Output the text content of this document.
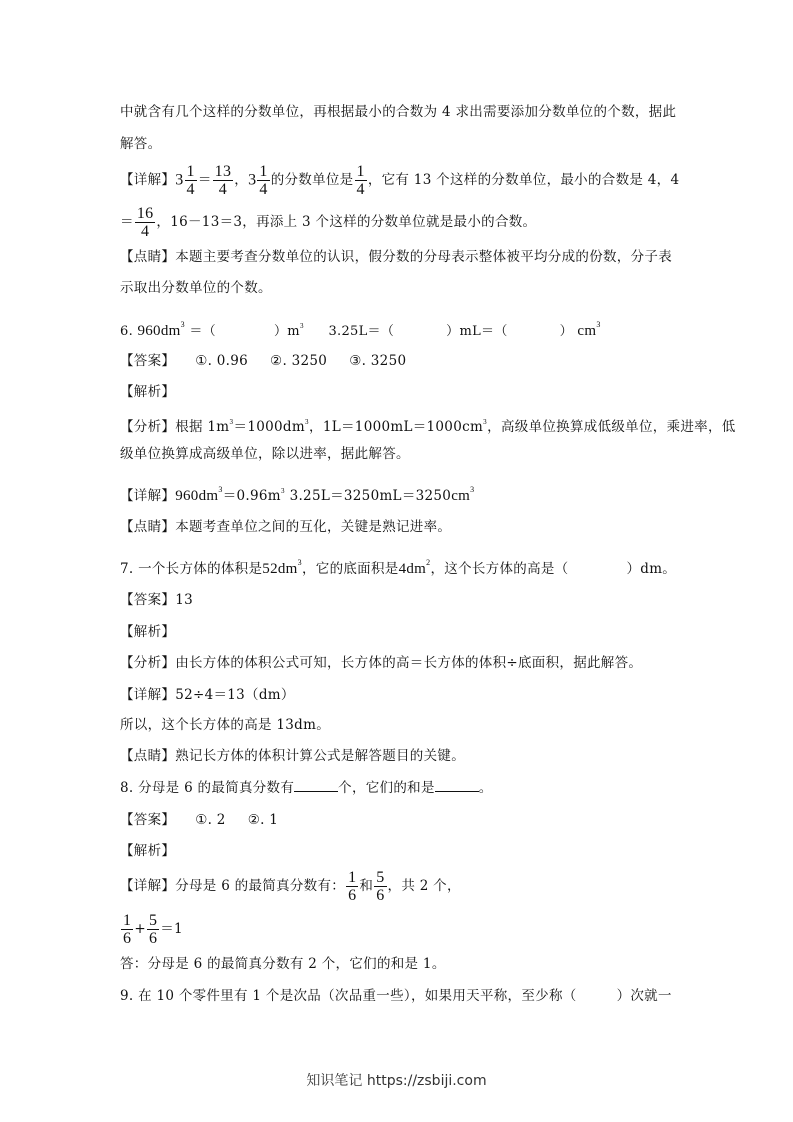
中就含有几个这样的分数单位，再根据最小的合数为 4 求出需要添加分数单位的个数，据此
解答。
【详解】$3 \frac{1}{4} = \frac{13}{4}$ ，$3 \frac{1}{4}$ 的分数单位是 $\frac{1}{4}$ ，它有 13 个这样的分数单位，最小的合数是 4，4
＝ $\frac{16}{4}$ ，16－13＝3，再添上 3 个这样的分数单位就是最小的合数。
【点睛】本题主要考查分数单位的认识，假分数的分母表示整体被平均分成的份数，分子表
示取出分数单位的个数。
6. $960dm^3$ ＝（	）$m^3$ 3.25L＝（	）mL＝（	） $cm^3$
【答案】 ①. 0.96 ②. 3250 ③. 3250
【解析】
【分析】根据 $1m^3=1000dm^3$，$1L=1000mL=1000cm^3$，高级单位换算成低级单位，乘进率，低
级单位换算成高级单位，除以进率，据此解答。
【详解】$960dm^3=0.96m^3$ $3.25L=3250mL=3250cm^3$
【点睛】本题考查单位之间的互化，关键是熟记进率。
7. 一个长方体的体积是$52dm^3$，它的底面积是$4dm^2$，这个长方体的高是（	）dm。
【答案】13
【解析】
【分析】由长方体的体积公式可知，长方体的高＝长方体的体积÷底面积，据此解答。
【详解】52÷4＝13（dm）
所以，这个长方体的高是 13dm。
【点睛】熟记长方体的体积计算公式是解答题目的关键。
8. 分母是 6 的最简真分数有	个，它们的和是	。
【答案】 ①. 2 ②. 1
【解析】
【详解】分母是 6 的最简真分数有： $\frac{1}{6}$ 和 $\frac{5}{6}$ ，共 2 个，
$\frac{1}{6} + \frac{5}{6} =1$
答：分母是 6 的最简真分数有 2 个，它们的和是 1。
9. 在 10 个零件里有 1 个是次品（次品重一些），如果用天平称，至少称（	）次就一
知识笔记 https://zsbiji.com
